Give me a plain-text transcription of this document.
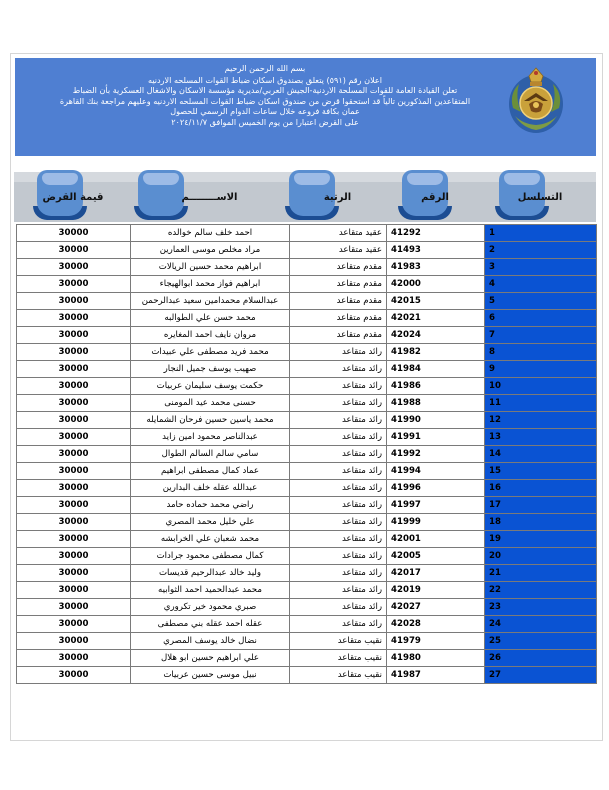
بسم الله الرحمن الرحيم
اعلان رقم (٥٩١) يتعلق بصندوق اسكان ضباط القوات المسلحه الاردنيه
تعلن القيادة العامة للقوات المسلحة الاردنية-الجيش العربي/مديرية مؤسسة الاسكان والاشغال العسكرية بأن الضباط
المتقاعدين المذكورين تالياً قد استحقوا قرض من صندوق اسكان ضباط القوات المسلحه الاردنيه وعليهم مراجعة بنك القاهرة
عمان بكافة فروعه خلال ساعات الدوام الرسمي للحصول
على القرض اعتبارا من يوم الخميس الموافق ٢٠٢٤/١١/٧
التسلسل
الرقم
الرتبة
الاســــــــم
قيمة القرض
30000	احمد خلف سالم خوالده	عقيد متقاعد	41292	1
30000	مراد مخلص موسى العمارين	عقيد متقاعد	41493	2
30000	ابراهيم محمد حسين الريالات	مقدم متقاعد	41983	3
30000	ابراهيم فواز محمد ابوالهيجاء	مقدم متقاعد	42000	4
30000	عبدالسلام محمدامين سعيد عبدالرحمن	مقدم متقاعد	42015	5
30000	محمد حسن علي الطوالبه	مقدم متقاعد	42021	6
30000	مروان نايف احمد المغايره	مقدم متقاعد	42024	7
30000	محمد فريد مصطفى علي عبيدات	رائد متقاعد	41982	8
30000	صهيب يوسف جميل النجار	رائد متقاعد	41984	9
30000	حكمت يوسف سليمان عربيات	رائد متقاعد	41986	10
30000	حسنى محمد عيد المومنى	رائد متقاعد	41988	11
30000	محمد ياسين حسين فرحان الشمايله	رائد متقاعد	41990	12
30000	عبدالناصر محمود امين زايد	رائد متقاعد	41991	13
30000	سامي سالم السالم الطوال	رائد متقاعد	41992	14
30000	عماد كمال مصطفى ابراهيم	رائد متقاعد	41994	15
30000	عبدالله عقله خلف البدارين	رائد متقاعد	41996	16
30000	راضي محمد حماده حامد	رائد متقاعد	41997	17
30000	علي خليل محمد المصري	رائد متقاعد	41999	18
30000	محمد شعبان علي الخرابشه	رائد متقاعد	42001	19
30000	كمال مصطفى محمود جرادات	رائد متقاعد	42005	20
30000	وليد خالد عبدالرحيم قديسات	رائد متقاعد	42017	21
30000	محمد عبدالحميد احمد الثوابيه	رائد متقاعد	42019	22
30000	صبري محمود خير تكروري	رائد متقاعد	42027	23
30000	عقله احمد عقله بني مصطفى	رائد متقاعد	42028	24
30000	نضال خالد يوسف المصري	نقيب متقاعد	41979	25
30000	علي ابراهيم حسين ابو هلال	نقيب متقاعد	41980	26
30000	نبيل موسى حسين عربيات	نقيب متقاعد	41987	27
